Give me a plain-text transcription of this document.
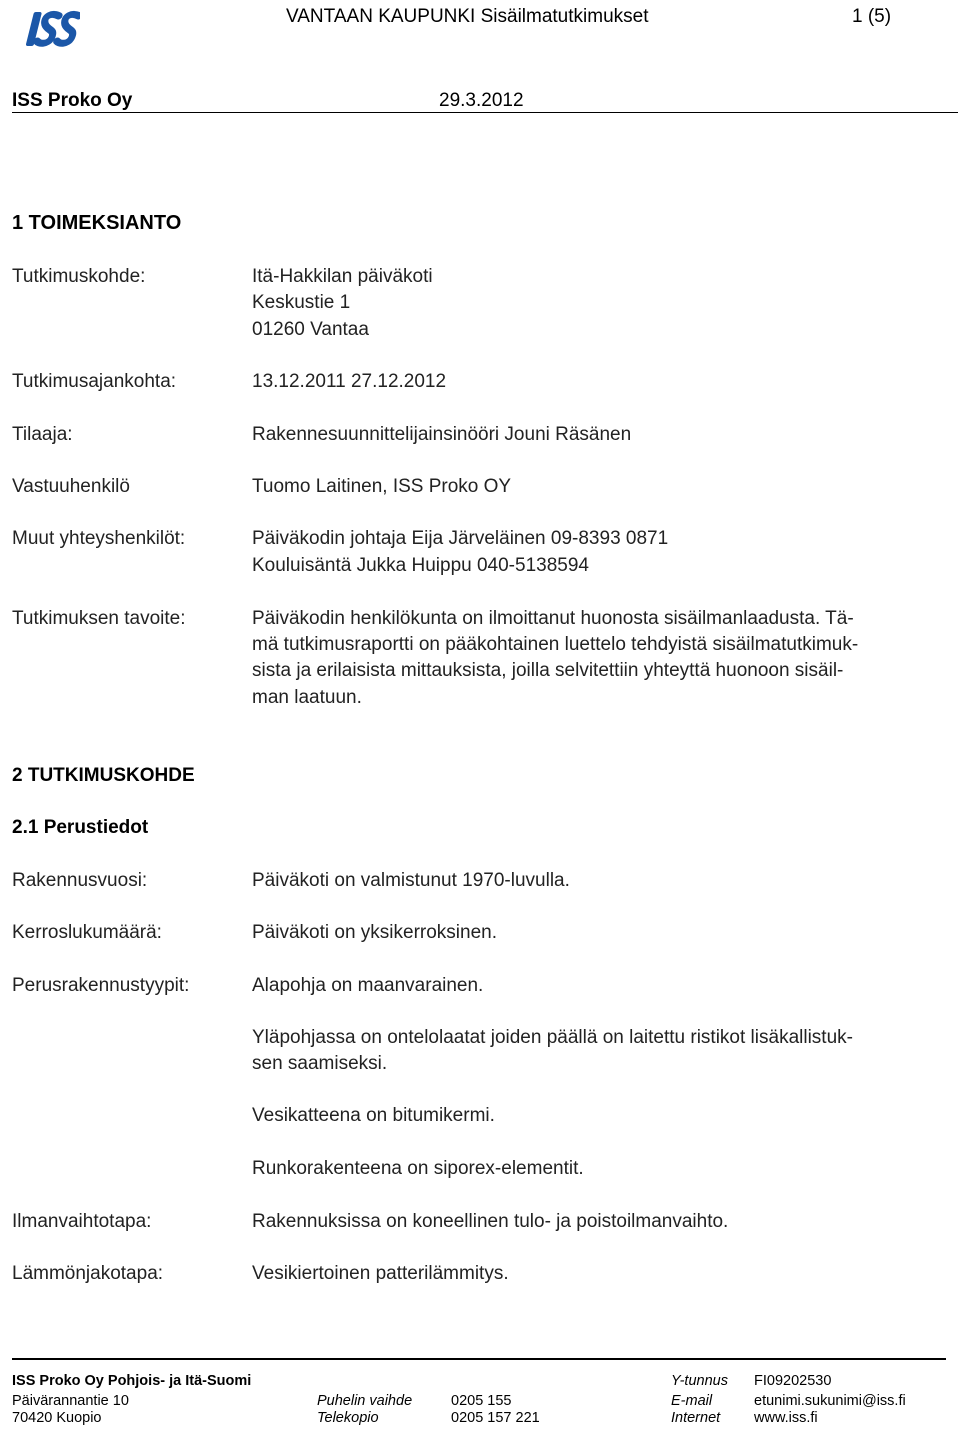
VANTAAN KAUPUNKI Sisäilmatutkimukset	1 (5)
ISS Proko Oy	29.3.2012
1 TOIMEKSIANTO
Tutkimuskohde:	Itä-Hakkilan päiväkoti
Keskustie 1
01260 Vantaa
Tutkimusajankohta:	13.12.2011 27.12.2012
Tilaaja:	Rakennesuunnittelijainsinööri Jouni Räsänen
Vastuuhenkilö	Tuomo Laitinen, ISS Proko OY
Muut yhteyshenkilöt:	Päiväkodin johtaja Eija Järveläinen 09-8393 0871
Kouluisäntä Jukka Huippu 040-5138594
Tutkimuksen tavoite:	Päiväkodin henkilökunta on ilmoittanut huonosta sisäilmanlaadusta. Tä-
mä tutkimusraportti on pääkohtainen luettelo tehdyistä sisäilmatutkimuk-
sista ja erilaisista mittauksista, joilla selvitettiin yhteyttä huonoon sisäil-
man laatuun.
2 TUTKIMUSKOHDE
2.1 Perustiedot
Rakennusvuosi:	Päiväkoti on valmistunut 1970-luvulla.
Kerroslukumäärä:	Päiväkoti on yksikerroksinen.
Perusrakennustyypit:	Alapohja on maanvarainen.
Yläpohjassa on ontelolaatat joiden päällä on laitettu ristikot lisäkallistuk-
sen saamiseksi.
Vesikatteena on bitumikermi.
Runkorakenteena on siporex-elementit.
Ilmanvaihtotapa:	Rakennuksissa on koneellinen tulo- ja poistoilmanvaihto.
Lämmönjakotapa:	Vesikiertoinen patterilämmitys.
ISS Proko Oy Pohjois- ja Itä-Suomi
Päivärannantie 10
70420 Kuopio
Puhelin vaihde	0205 155
Telekopio	0205 157 221
Y-tunnus FI09202530
E-mail	etunimi.sukunimi@iss.fi
Internet www.iss.fi
